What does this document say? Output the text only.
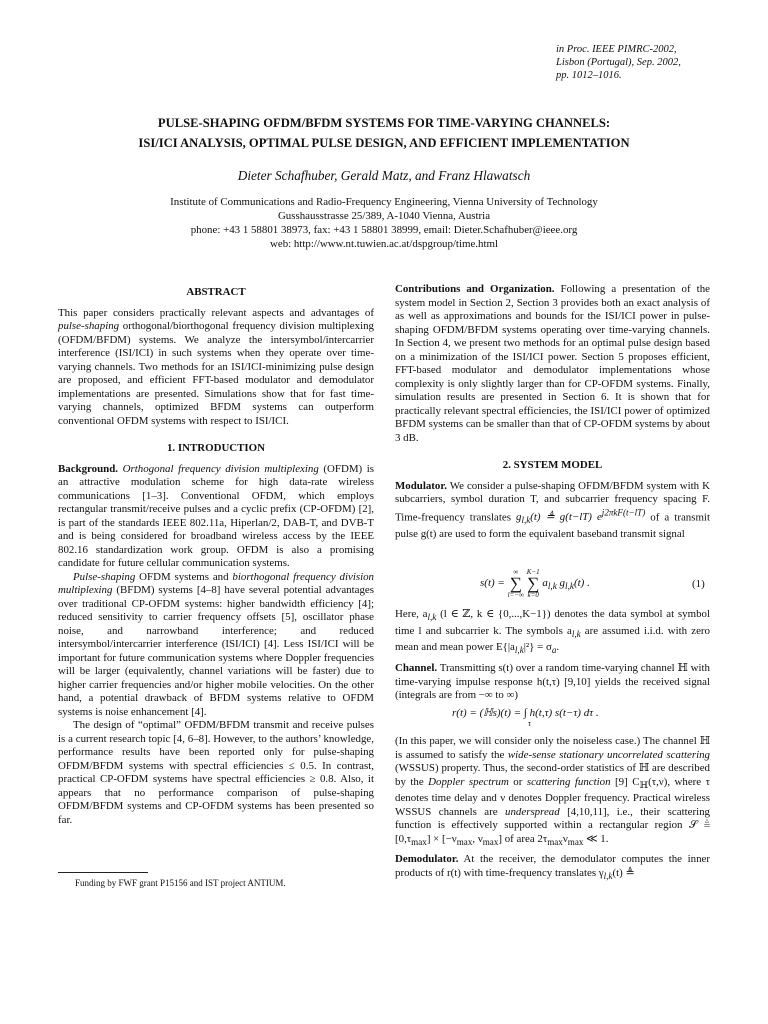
in Proc. IEEE PIMRC-2002,
Lisbon (Portugal), Sep. 2002,
pp. 1012–1016.
PULSE-SHAPING OFDM/BFDM SYSTEMS FOR TIME-VARYING CHANNELS:
ISI/ICI ANALYSIS, OPTIMAL PULSE DESIGN, AND EFFICIENT IMPLEMENTATION
Dieter Schafhuber, Gerald Matz, and Franz Hlawatsch
Institute of Communications and Radio-Frequency Engineering, Vienna University of Technology
Gusshausstrasse 25/389, A-1040 Vienna, Austria
phone: +43 1 58801 38973, fax: +43 1 58801 38999, email: Dieter.Schafhuber@ieee.org
web: http://www.nt.tuwien.ac.at/dspgroup/time.html
ABSTRACT

This paper considers practically relevant aspects and advantages of pulse-shaping orthogonal/biorthogonal frequency division multiplexing (OFDM/BFDM) systems. We analyze the intersymbol/intercarrier interference (ISI/ICI) in such systems when they operate over time-varying channels. Two methods for an ISI/ICI-minimizing pulse design are proposed, and efficient FFT-based modulator and demodulator implementations are presented. Simulations show that for fast time-varying channels, optimized BFDM systems can outperform conventional OFDM systems with respect to ISI/ICI.

1. INTRODUCTION

Background. Orthogonal frequency division multiplexing (OFDM) is an attractive modulation scheme for high data-rate wireless communications [1–3]. Conventional OFDM, which employs rectangular transmit/receive pulses and a cyclic prefix (CP-OFDM) [2], is part of the standards IEEE 802.11a, Hiperlan/2, DAB-T, and DVB-T and is being considered for broadband wireless access by the IEEE 802.16 standardization work group. OFDM is also a promising candidate for future cellular communication systems.

Pulse-shaping OFDM systems and biorthogonal frequency division multiplexing (BFDM) systems [4–8] have several potential advantages over traditional CP-OFDM systems: higher bandwidth efficiency [4]; reduced sensitivity to carrier frequency offsets [5], oscillator phase noise, and narrowband interference; and reduced intersymbol/intercarrier interference (ISI/ICI) [4]. Less ISI/ICI will be important for future communication systems where Doppler frequencies will be larger (equivalently, channel variations will be faster) due to higher carrier frequencies and/or higher mobile velocities. On the other hand, a potential drawback of BFDM systems relative to OFDM systems is noise enhancement [4].

The design of “optimal” OFDM/BFDM transmit and receive pulses is a current research topic [4, 6–8]. However, to the authors’ knowledge, performance results have been reported only for pulse-shaping OFDM/BFDM systems with spectral efficiencies ≤ 0.5. In contrast, practical CP-OFDM systems have spectral efficiencies ≥ 0.8. Also, it appears that no performance comparison of pulse-shaping OFDM/BFDM systems and CP-OFDM systems has been presented so far.

Funding by FWF grant P15156 and IST project ANTIUM.

Contributions and Organization. Following a presentation of the system model in Section 2, Section 3 provides both an exact analysis of as well as approximations and bounds for the ISI/ICI power in pulse-shaping OFDM/BFDM systems operating over time-varying channels. In Section 4, we present two methods for an optimal pulse design based on a minimization of the ISI/ICI power. Section 5 proposes efficient, FFT-based modulator and demodulator implementations whose complexity is only slightly larger than for CP-OFDM systems. Finally, simulation results are presented in Section 6. It is shown that for practically relevant spectral efficiencies, the ISI/ICI power of optimized BFDM systems can be smaller than that of CP-OFDM systems by about 3 dB.

2. SYSTEM MODEL

Modulator. We consider a pulse-shaping OFDM/BFDM system with K subcarriers, symbol duration T, and subcarrier frequency spacing F. Time-frequency translates $g_{l,k}(t)$ ≜ g(t−lT) $e^{j2\pi kF(t-lT)}$ of a transmit pulse g(t) are used to form the equivalent baseband transmit signal

s(t) =
∞
∑
l=−∞

K−1
∑
k=0
$a_{l,k}$ $g_{l,k}(t)$ .	(1)

Here, $a_{l,k}$ (l ∈ ℤ, k ∈ {0,...,K−1}) denotes the data symbol at symbol time l and subcarrier k. The symbols $a_{l,k}$ are assumed i.i.d. with zero mean and mean power $E\{|a_{l,k}|^2\} = \sigma_a$.

Channel. Transmitting s(t) over a random time-varying channel ℍ with time-varying impulse response h(t,τ) [9,10] yields the received signal (integrals are from −∞ to ∞)

r(t) = (ℍs)(t) = ∫ h(t,τ) s(t−τ) dτ .
τ

(In this paper, we will consider only the noiseless case.) The channel ℍ is assumed to satisfy the wide-sense stationary uncorrelated scattering (WSSUS) property. Thus, the second-order statistics of ℍ are described by the Doppler spectrum or scattering function [9] $C_ℍ(\tau,\nu)$, where τ denotes time delay and ν denotes Doppler frequency. Practical wireless WSSUS channels are underspread [4,10,11], i.e., their scattering function is effectively supported within a rectangular region 𝒮 ≜ $[0,\tau_{max}] \times [-\nu_{max}$, $\nu_{max}$] of area $2\tau_{max}\nu_{max}$ ≪ 1.

Demodulator. At the receiver, the demodulator computes the inner products of r(t) with time-frequency translates $\gamma_{l,k}(t)$ ≜
